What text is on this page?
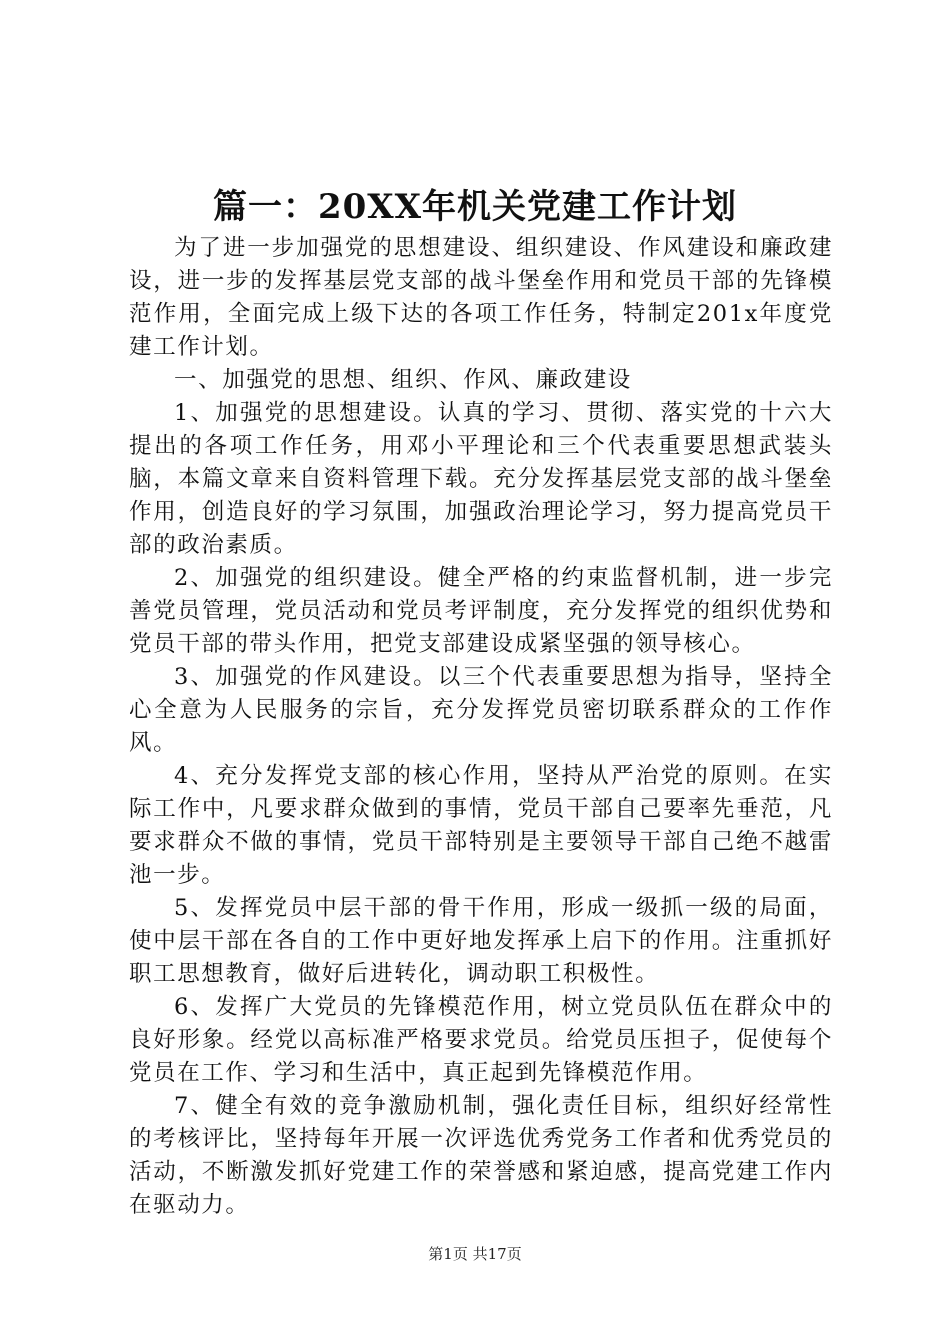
篇一：20XX年机关党建工作计划

为了进一步加强党的思想建设、组织建设、作风建设和廉政建设，进一步的发挥基层党支部的战斗堡垒作用和党员干部的先锋模范作用，全面完成上级下达的各项工作任务，特制定201x年度党建工作计划。

一、加强党的思想、组织、作风、廉政建设

1、加强党的思想建设。认真的学习、贯彻、落实党的十六大提出的各项工作任务，用邓小平理论和三个代表重要思想武装头脑，本篇文章来自资料管理下载。充分发挥基层党支部的战斗堡垒作用，创造良好的学习氛围，加强政治理论学习，努力提高党员干部的政治素质。

2、加强党的组织建设。健全严格的约束监督机制，进一步完善党员管理，党员活动和党员考评制度，充分发挥党的组织优势和党员干部的带头作用，把党支部建设成紧坚强的领导核心。

3、加强党的作风建设。以三个代表重要思想为指导，坚持全心全意为人民服务的宗旨，充分发挥党员密切联系群众的工作作风。

4、充分发挥党支部的核心作用，坚持从严治党的原则。在实际工作中，凡要求群众做到的事情，党员干部自己要率先垂范，凡要求群众不做的事情，党员干部特别是主要领导干部自己绝不越雷池一步。

5、发挥党员中层干部的骨干作用，形成一级抓一级的局面，使中层干部在各自的工作中更好地发挥承上启下的作用。注重抓好职工思想教育，做好后进转化，调动职工积极性。

6、发挥广大党员的先锋模范作用，树立党员队伍在群众中的良好形象。经党以高标准严格要求党员。给党员压担子，促使每个党员在工作、学习和生活中，真正起到先锋模范作用。

7、健全有效的竞争激励机制，强化责任目标，组织好经常性的考核评比，坚持每年开展一次评选优秀党务工作者和优秀党员的活动，不断激发抓好党建工作的荣誉感和紧迫感，提高党建工作内在驱动力。

第1页 共17页
